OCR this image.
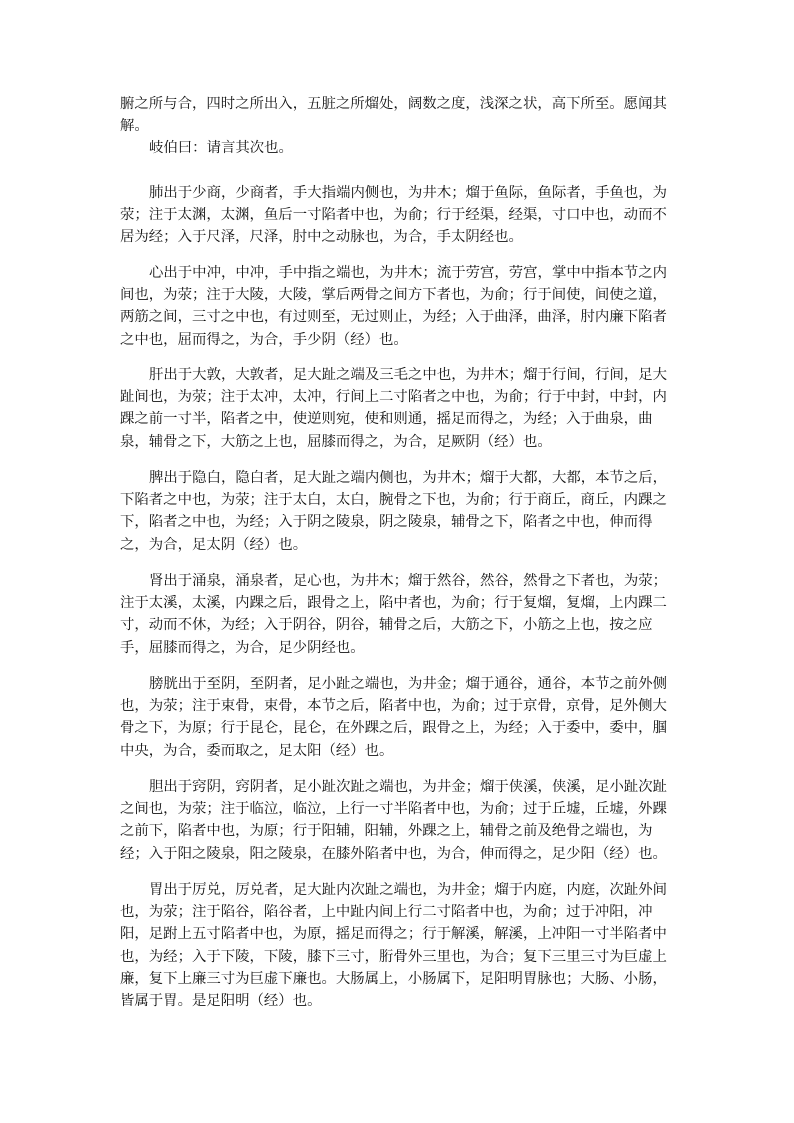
腑之所与合，四时之所出入，五脏之所熘处，阔数之度，浅深之状，高下所至。愿闻其解。

岐伯曰：请言其次也。

肺出于少商，少商者，手大指端内侧也，为井木；熘于鱼际，鱼际者，手鱼也，为荥；注于太渊，太渊，鱼后一寸陷者中也，为俞；行于经渠，经渠，寸口中也，动而不居为经；入于尺泽，尺泽，肘中之动脉也，为合，手太阴经也。

心出于中冲，中冲，手中指之端也，为井木；流于劳宫，劳宫，掌中中指本节之内间也，为荥；注于大陵，大陵，掌后两骨之间方下者也，为俞；行于间使，间使之道，两筋之间，三寸之中也，有过则至，无过则止，为经；入于曲泽，曲泽，肘内廉下陷者之中也，屈而得之，为合，手少阴（经）也。

肝出于大敦，大敦者，足大趾之端及三毛之中也，为井木；熘于行间，行间，足大趾间也，为荥；注于太冲，太冲，行间上二寸陷者之中也，为俞；行于中封，中封，内踝之前一寸半，陷者之中，使逆则宛，使和则通，摇足而得之，为经；入于曲泉，曲泉，辅骨之下，大筋之上也，屈膝而得之，为合，足厥阴（经）也。

脾出于隐白，隐白者，足大趾之端内侧也，为井木；熘于大都，大都，本节之后，下陷者之中也，为荥；注于太白，太白，腕骨之下也，为俞；行于商丘，商丘，内踝之下，陷者之中也，为经；入于阴之陵泉，阴之陵泉，辅骨之下，陷者之中也，伸而得之，为合，足太阴（经）也。

肾出于涌泉，涌泉者，足心也，为井木；熘于然谷，然谷，然骨之下者也，为荥；注于太溪，太溪，内踝之后，跟骨之上，陷中者也，为俞；行于复熘，复熘，上内踝二寸，动而不休，为经；入于阴谷，阴谷，辅骨之后，大筋之下，小筋之上也，按之应手，屈膝而得之，为合，足少阴经也。

膀胱出于至阴，至阴者，足小趾之端也，为井金；熘于通谷，通谷，本节之前外侧也，为荥；注于束骨，束骨，本节之后，陷者中也，为俞；过于京骨，京骨，足外侧大骨之下，为原；行于昆仑，昆仑，在外踝之后，跟骨之上，为经；入于委中，委中，腘中央，为合，委而取之，足太阳（经）也。

胆出于窍阴，窍阴者，足小趾次趾之端也，为井金；熘于侠溪，侠溪，足小趾次趾之间也，为荥；注于临泣，临泣，上行一寸半陷者中也，为俞；过于丘墟，丘墟，外踝之前下，陷者中也，为原；行于阳辅，阳辅，外踝之上，辅骨之前及绝骨之端也，为经；入于阳之陵泉，阳之陵泉，在膝外陷者中也，为合，伸而得之，足少阳（经）也。

胃出于厉兑，厉兑者，足大趾内次趾之端也，为井金；熘于内庭，内庭，次趾外间也，为荥；注于陷谷，陷谷者，上中趾内间上行二寸陷者中也，为俞；过于冲阳，冲阳，足跗上五寸陷者中也，为原，摇足而得之；行于解溪，解溪，上冲阳一寸半陷者中也，为经；入于下陵，下陵，膝下三寸，胻骨外三里也，为合；复下三里三寸为巨虚上廉，复下上廉三寸为巨虚下廉也。大肠属上，小肠属下，足阳明胃脉也；大肠、小肠，皆属于胃。是足阳明（经）也。
